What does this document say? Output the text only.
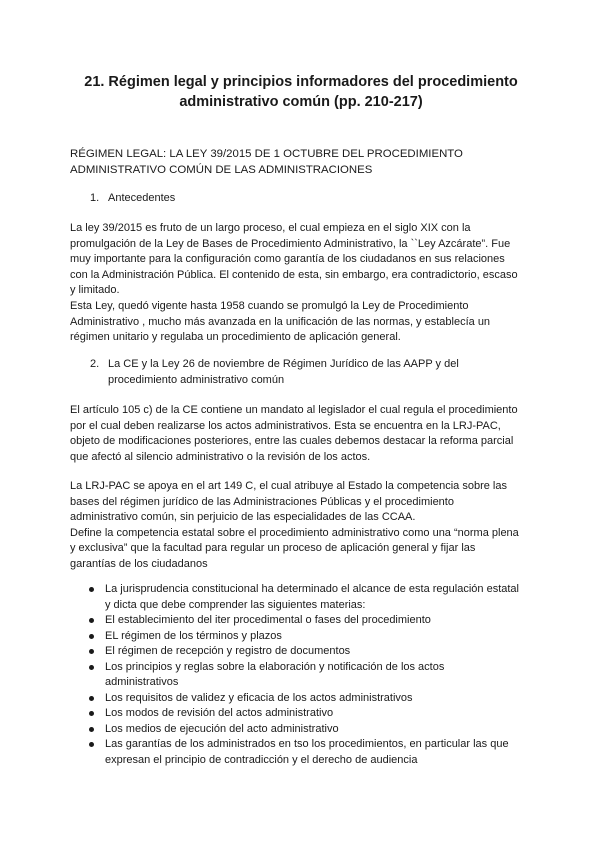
21. Régimen legal y principios informadores del procedimiento
administrativo común (pp. 210-217)
RÉGIMEN LEGAL: LA LEY 39/2015 DE 1 OCTUBRE DEL PROCEDIMIENTO
ADMINISTRATIVO COMÚN DE LAS ADMINISTRACIONES
1. Antecedentes
La ley 39/2015 es fruto de un largo proceso, el cual empieza en el siglo XIX con la
promulgación de la Ley de Bases de Procedimiento Administrativo, la ``Ley Azcárate”. Fue
muy importante para la configuración como garantía de los ciudadanos en sus relaciones
con la Administración Pública. El contenido de esta, sin embargo, era contradictorio, escaso
y limitado.
Esta Ley, quedó vigente hasta 1958 cuando se promulgó la Ley de Procedimiento
Administrativo , mucho más avanzada en la unificación de las normas, y establecía un
régimen unitario y regulaba un procedimiento de aplicación general.
2. La CE y la Ley 26 de noviembre de Régimen Jurídico de las AAPP y del
procedimiento administrativo común
El artículo 105 c) de la CE contiene un mandato al legislador el cual regula el procedimiento
por el cual deben realizarse los actos administrativos. Esta se encuentra en la LRJ-PAC,
objeto de modificaciones posteriores, entre las cuales debemos destacar la reforma parcial
que afectó al silencio administrativo o la revisión de los actos.
La LRJ-PAC se apoya en el art 149 C, el cual atribuye al Estado la competencia sobre las
bases del régimen jurídico de las Administraciones Públicas y el procedimiento
administrativo común, sin perjuicio de las especialidades de las CCAA.
Define la competencia estatal sobre el procedimiento administrativo como una “norma plena
y exclusiva” que la facultad para regular un proceso de aplicación general y fijar las
garantías de los ciudadanos
La jurisprudencia constitucional ha determinado el alcance de esta regulación estatal
y dicta que debe comprender las siguientes materias:
El establecimiento del iter procedimental o fases del procedimiento
EL régimen de los términos y plazos
El régimen de recepción y registro de documentos
Los principios y reglas sobre la elaboración y notificación de los actos
administrativos
Los requisitos de validez y eficacia de los actos administrativos
Los modos de revisión del actos administrativo
Los medios de ejecución del acto administrativo
Las garantías de los administrados en tso los procedimientos, en particular las que
expresan el principio de contradicción y el derecho de audiencia
